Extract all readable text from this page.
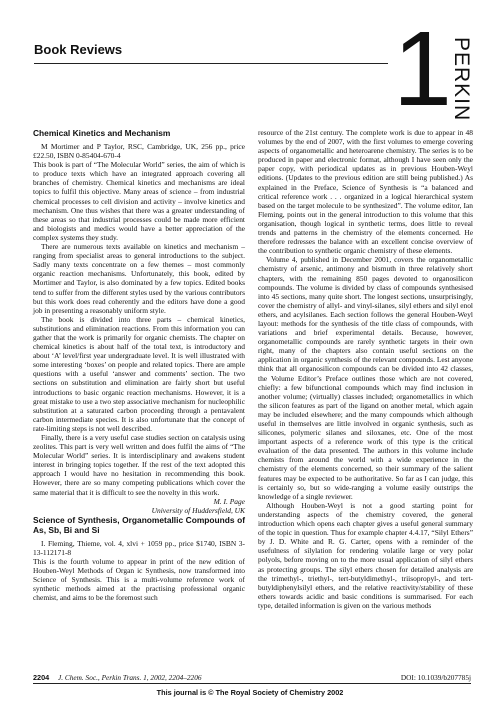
Book Reviews	1 PERKIN
Chemical Kinetics and Mechanism

M Mortimer and P Taylor, RSC, Cambridge, UK, 256 pp., price £22.50, ISBN 0-85404-670-4

This book is part of “The Molecular World” series, the aim of which is to produce texts which have an integrated approach covering all branches of chemistry. Chemical kinetics and mechanisms are ideal topics to fulfil this objective. Many areas of science – from industrial chemical processes to cell division and activity – involve kinetics and mechanism. One thus wishes that there was a greater understanding of these areas so that industrial processes could be made more efficient and biologists and medics would have a better appreciation of the complex systems they study.

There are numerous texts available on kinetics and mechanism – ranging from specialist areas to general introductions to the subject. Sadly many texts concentrate on a few themes – most commonly organic reaction mechanisms. Unfortunately, this book, edited by Mortimer and Taylor, is also dominated by a few topics. Edited books tend to suffer from the different styles used by the various contributors but this work does read coherently and the editors have done a good job in presenting a reasonably uniform style.

The book is divided into three parts – chemical kinetics, substitutions and elimination reactions. From this information you can gather that the work is primarily for organic chemists. The chapter on chemical kinetics is about half of the total text, is introductory and about ‘A’ level/first year undergraduate level. It is well illustrated with some interesting ‘boxes’ on people and related topics. There are ample questions with a useful ‘answer and comments’ section. The two sections on substitution and elimination are fairly short but useful introductions to basic organic reaction mechanisms. However, it is a great mistake to use a two step associative mechanism for nucleophilic substitution at a saturated carbon proceeding through a pentavalent carbon intermediate species. It is also unfortunate that the concept of rate-limiting steps is not well described.

Finally, there is a very useful case studies section on catalysis using zeolites. This part is very well written and does fulfil the aims of “The Molecular World” series. It is interdisciplinary and awakens student interest in bringing topics together. If the rest of the text adopted this approach I would have no hesitation in recommending this book. However, there are so many competing publications which cover the same material that it is difficult to see the novelty in this work.

M. I. Page

University of Huddersfield, UK

Science of Synthesis, Organometallic Compounds of As, Sb, Bi and Si

I. Fleming, Thieme, vol. 4, xlvi + 1059 pp., price $1740, ISBN 3-13-112171-8

This is the fourth volume to appear in print of the new edition of Houben-Weyl Methods of Organ ic Synthesis, now transformed into Science of Synthesis. This is a multi-volume reference work of synthetic methods aimed at the practising professional organic chemist, and aims to be the foremost such

resource of the 21st century. The complete work is due to appear in 48 volumes by the end of 2007, with the first volumes to emerge covering aspects of organometallic and heteroarene chemistry. The series is to be produced in paper and electronic format, although I have seen only the paper copy, with periodical updates as in previous Houben-Weyl editions. (Updates to the previous edition are still being published.) As explained in the Preface, Science of Synthesis is “a balanced and critical reference work . . . organized in a logical hierarchical system based on the target molecule to be synthesized”. The volume editor, Ian Fleming, points out in the general introduction to this volume that this organisation, though logical in synthetic terms, does little to reveal trends and patterns in the chemistry of the elements concerned. He therefore redresses the balance with an excellent concise overview of the contribution to synthetic organic chemistry of these elements.

Volume 4, published in December 2001, covers the organometallic chemistry of arsenic, antimony and bismuth in three relatively short chapters, with the remaining 850 pages devoted to organosilicon compounds. The volume is divided by class of compounds synthesised into 45 sections, many quite short. The longest sections, unsurprisingly, cover the chemistry of allyl- and vinyl-silanes, silyl ethers and silyl enol ethers, and acylsilanes. Each section follows the general Houben-Weyl layout: methods for the synthesis of the title class of compounds, with variations and brief experimental details. Because, however, organometallic compounds are rarely synthetic targets in their own right, many of the chapters also contain useful sections on the application in organic synthesis of the relevant compounds. Lest anyone think that all organosilicon compounds can be divided into 42 classes, the Volume Editor’s Preface outlines those which are not covered, chiefly: a few bifunctional compounds which may find inclusion in another volume; (virtually) classes included; organometallics in which the silicon features as part of the ligand on another metal, which again may be included elsewhere; and the many compounds which although useful in themselves are little involved in organic synthesis, such as silicones, polymeric silanes and siloxanes, etc. One of the most important aspects of a reference work of this type is the critical evaluation of the data presented. The authors in this volume include chemists from around the world with a wide experience in the chemistry of the elements concerned, so their summary of the salient features may be expected to be authoritative. So far as I can judge, this is certainly so, but so wide-ranging a volume easily outstrips the knowledge of a single reviewer.

Although Houben-Weyl is not a good starting point for understanding aspects of the chemistry covered, the general introduction which opens each chapter gives a useful general summary of the topic in question. Thus for example chapter 4.4.17, “Silyl Ethers” by J. D. White and R. G. Carter, opens with a reminder of the usefulness of silylation for rendering volatile large or very polar polyols, before moving on to the more usual application of silyl ethers as protecting groups. The silyl ethers chosen for detailed analysis are the trimethyl-, triethyl-, tert-butyldimethyl-, triisopropyl-, and tert-butyldiphenylsilyl ethers, and the relative reactivity/stability of these ethers towards acidic and basic conditions is summarised. For each type, detailed information is given on the various methods

2204 J. Chem. Soc., Perkin Trans. 1, 2002, 2204–2206	DOI: 10.1039/b207785j
This journal is © The Royal Society of Chemistry 2002
